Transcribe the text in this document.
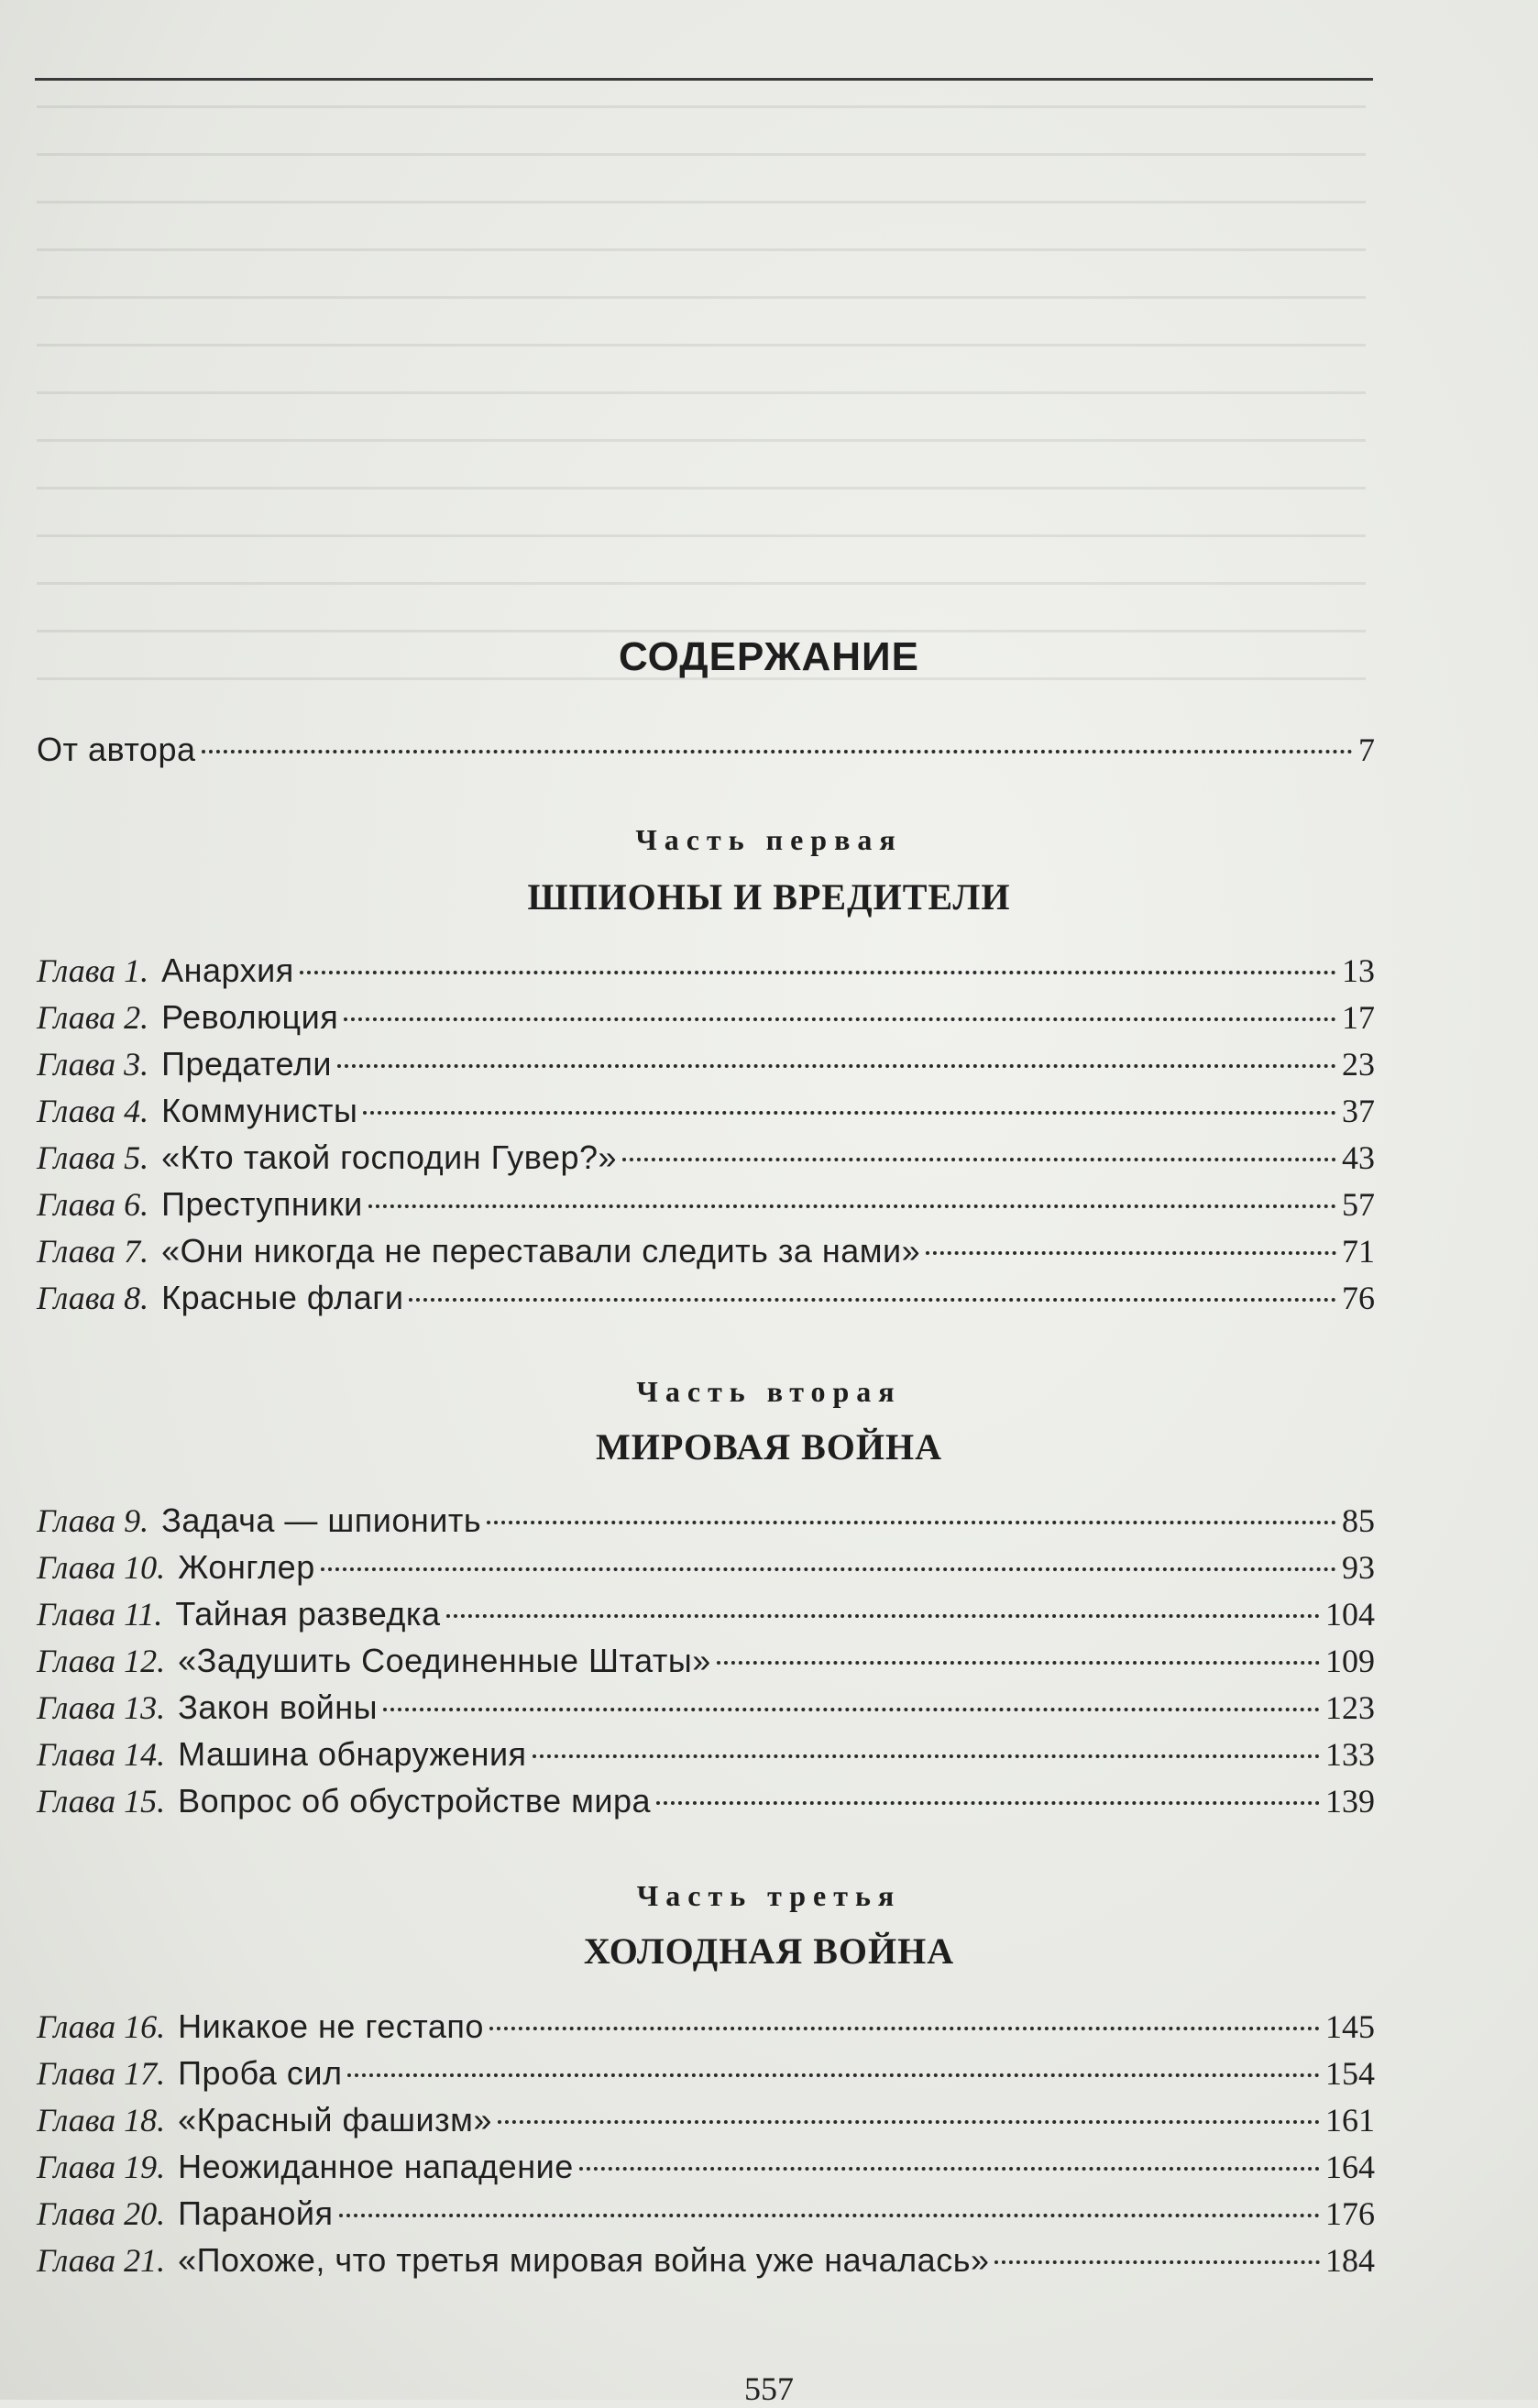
СОДЕРЖАНИЕ
От автора	7
Часть первая
ШПИОНЫ И ВРЕДИТЕЛИ
Глава 1. Анархия	13
Глава 2. Революция	17
Глава 3. Предатели	23
Глава 4. Коммунисты	37
Глава 5. «Кто такой господин Гувер?»	43
Глава 6. Преступники	57
Глава 7. «Они никогда не переставали следить за нами»	71
Глава 8. Красные флаги	76
Часть вторая
МИРОВАЯ ВОЙНА
Глава 9. Задача — шпионить	85
Глава 10. Жонглер	93
Глава 11. Тайная разведка	104
Глава 12. «Задушить Соединенные Штаты»	109
Глава 13. Закон войны	123
Глава 14. Машина обнаружения	133
Глава 15. Вопрос об обустройстве мира	139
Часть третья
ХОЛОДНАЯ ВОЙНА
Глава 16. Никакое не гестапо	145
Глава 17. Проба сил	154
Глава 18. «Красный фашизм»	161
Глава 19. Неожиданное нападение	164
Глава 20. Паранойя	176
Глава 21. «Похоже, что третья мировая война уже началась»	184
557
